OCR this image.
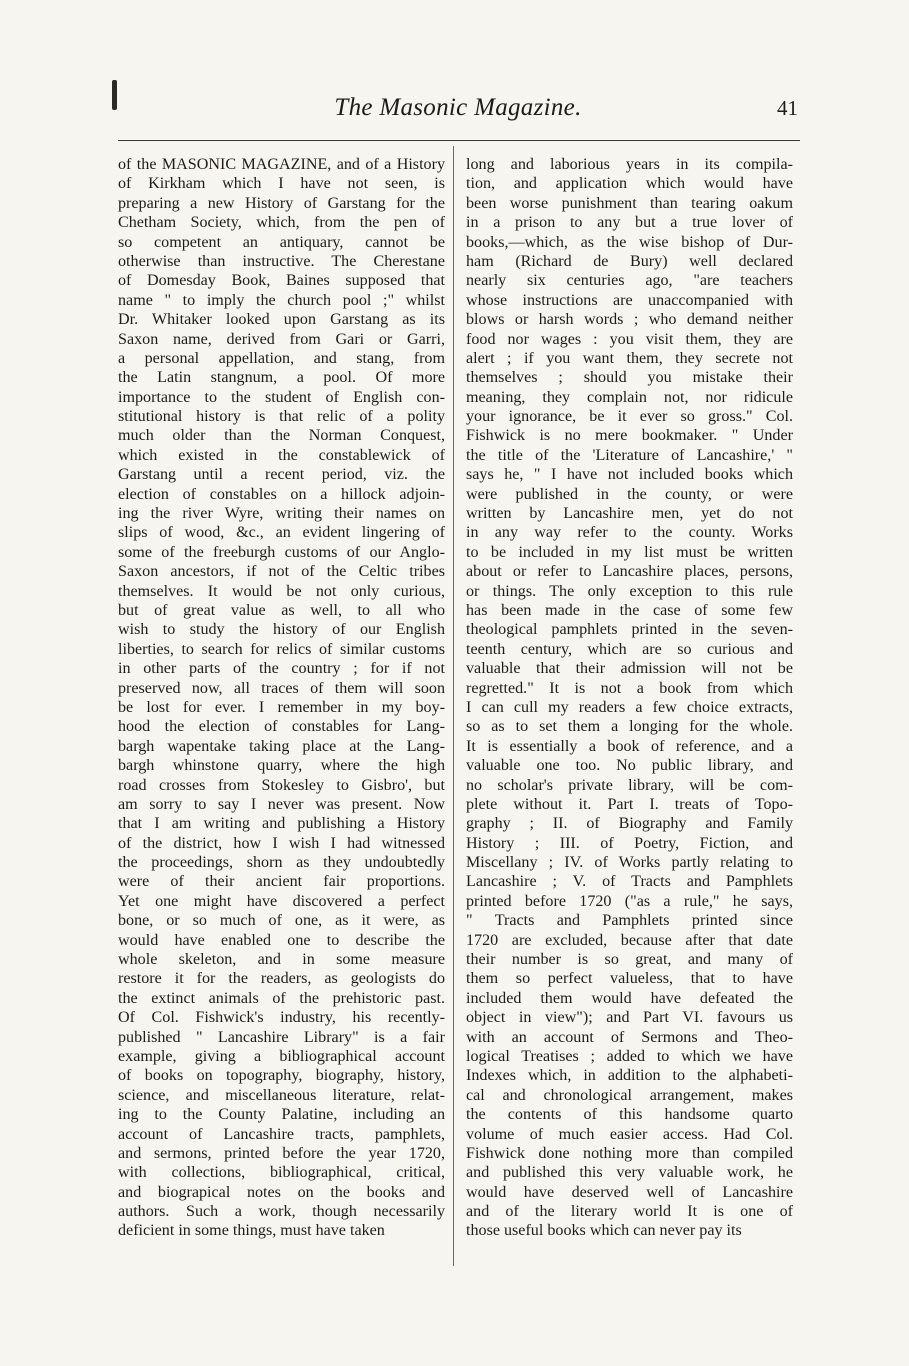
The Masonic Magazine.	41
of the MASONIC MAGAZINE, and of a History
of Kirkham which I have not seen, is
preparing a new History of Garstang for the
Chetham Society, which, from the pen of
so competent an antiquary, cannot be
otherwise than instructive. The Cherestane
of Domesday Book, Baines supposed that
name " to imply the church pool ;" whilst
Dr. Whitaker looked upon Garstang as its
Saxon name, derived from Gari or Garri,
a personal appellation, and stang, from
the Latin stangnum, a pool. Of more
importance to the student of English con-
stitutional history is that relic of a polity
much older than the Norman Conquest,
which existed in the constablewick of
Garstang until a recent period, viz. the
election of constables on a hillock adjoin-
ing the river Wyre, writing their names on
slips of wood, &c., an evident lingering of
some of the freeburgh customs of our Anglo-
Saxon ancestors, if not of the Celtic tribes
themselves. It would be not only curious,
but of great value as well, to all who
wish to study the history of our English
liberties, to search for relics of similar customs
in other parts of the country ; for if not
preserved now, all traces of them will soon
be lost for ever. I remember in my boy-
hood the election of constables for Lang-
bargh wapentake taking place at the Lang-
bargh whinstone quarry, where the high
road crosses from Stokesley to Gisbro', but
am sorry to say I never was present. Now
that I am writing and publishing a History
of the district, how I wish I had witnessed
the proceedings, shorn as they undoubtedly
were of their ancient fair proportions.
Yet one might have discovered a perfect
bone, or so much of one, as it were, as
would have enabled one to describe the
whole skeleton, and in some measure
restore it for the readers, as geologists do
the extinct animals of the prehistoric past.
Of Col. Fishwick's industry, his recently-
published " Lancashire Library" is a fair
example, giving a bibliographical account
of books on topography, biography, history,
science, and miscellaneous literature, relat-
ing to the County Palatine, including an
account of Lancashire tracts, pamphlets,
and sermons, printed before the year 1720,
with collections, bibliographical, critical,
and biograpical notes on the books and
authors. Such a work, though necessarily
deficient in some things, must have taken
long and laborious years in its compila-
tion, and application which would have
been worse punishment than tearing oakum
in a prison to any but a true lover of
books,—which, as the wise bishop of Dur-
ham (Richard de Bury) well declared
nearly six centuries ago, "are teachers
whose instructions are unaccompanied with
blows or harsh words ; who demand neither
food nor wages : you visit them, they are
alert ; if you want them, they secrete not
themselves ; should you mistake their
meaning, they complain not, nor ridicule
your ignorance, be it ever so gross." Col.
Fishwick is no mere bookmaker. " Under
the title of the 'Literature of Lancashire,' "
says he, " I have not included books which
were published in the county, or were
written by Lancashire men, yet do not
in any way refer to the county. Works
to be included in my list must be written
about or refer to Lancashire places, persons,
or things. The only exception to this rule
has been made in the case of some few
theological pamphlets printed in the seven-
teenth century, which are so curious and
valuable that their admission will not be
regretted." It is not a book from which
I can cull my readers a few choice extracts,
so as to set them a longing for the whole.
It is essentially a book of reference, and a
valuable one too. No public library, and
no scholar's private library, will be com-
plete without it. Part I. treats of Topo-
graphy ; II. of Biography and Family
History ; III. of Poetry, Fiction, and
Miscellany ; IV. of Works partly relating to
Lancashire ; V. of Tracts and Pamphlets
printed before 1720 ("as a rule," he says,
" Tracts and Pamphlets printed since
1720 are excluded, because after that date
their number is so great, and many of
them so perfect valueless, that to have
included them would have defeated the
object in view"); and Part VI. favours us
with an account of Sermons and Theo-
logical Treatises ; added to which we have
Indexes which, in addition to the alphabeti-
cal and chronological arrangement, makes
the contents of this handsome quarto
volume of much easier access. Had Col.
Fishwick done nothing more than compiled
and published this very valuable work, he
would have deserved well of Lancashire
and of the literary world It is one of
those useful books which can never pay its
